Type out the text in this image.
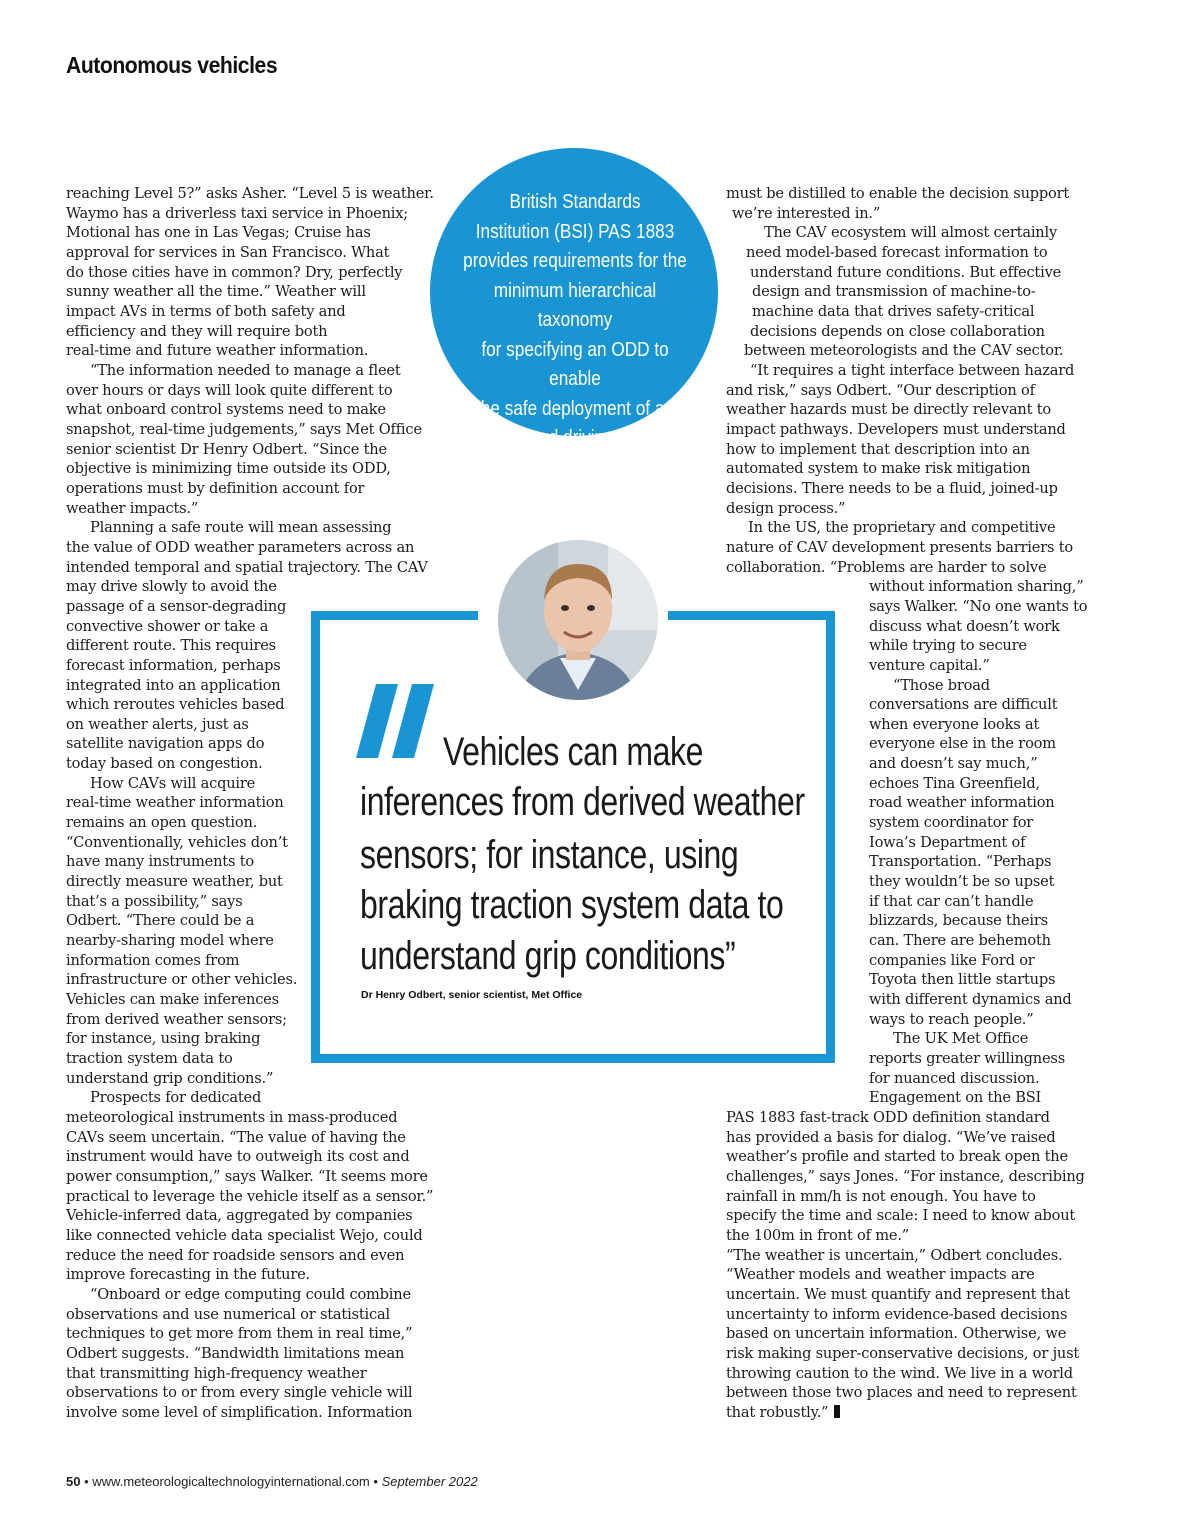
Autonomous vehicles
British Standards
Institution (BSI) PAS 1883
provides requirements for the
minimum hierarchical taxonomy
for specifying an ODD to enable
the safe deployment of an
automated driving system
Vehicles can make
inferences from derived weather
sensors; for instance, using
braking traction system data to
understand grip conditions”
Dr Henry Odbert, senior scientist, Met Office
reaching Level 5?” asks Asher. “Level 5 is weather.
Waymo has a driverless taxi service in Phoenix;
Motional has one in Las Vegas; Cruise has
approval for services in San Francisco. What
do those cities have in common? Dry, perfectly
sunny weather all the time.” Weather will
impact AVs in terms of both safety and
efficiency and they will require both
real-time and future weather information.
“The information needed to manage a fleet
over hours or days will look quite different to
what onboard control systems need to make
snapshot, real-time judgements,” says Met Office
senior scientist Dr Henry Odbert. “Since the
objective is minimizing time outside its ODD,
operations must by definition account for
weather impacts.”
Planning a safe route will mean assessing
the value of ODD weather parameters across an
intended temporal and spatial trajectory. The CAV
may drive slowly to avoid the
passage of a sensor-degrading
convective shower or take a
different route. This requires
forecast information, perhaps
integrated into an application
which reroutes vehicles based
on weather alerts, just as
satellite navigation apps do
today based on congestion.
How CAVs will acquire
real-time weather information
remains an open question.
“Conventionally, vehicles don’t
have many instruments to
directly measure weather, but
that’s a possibility,” says
Odbert. “There could be a
nearby-sharing model where
information comes from
infrastructure or other vehicles.
Vehicles can make inferences
from derived weather sensors;
for instance, using braking
traction system data to
understand grip conditions.”
Prospects for dedicated
meteorological instruments in mass-produced
CAVs seem uncertain. “The value of having the
instrument would have to outweigh its cost and
power consumption,” says Walker. “It seems more
practical to leverage the vehicle itself as a sensor.”
Vehicle-inferred data, aggregated by companies
like connected vehicle data specialist Wejo, could
reduce the need for roadside sensors and even
improve forecasting in the future.
“Onboard or edge computing could combine
observations and use numerical or statistical
techniques to get more from them in real time,”
Odbert suggests. “Bandwidth limitations mean
that transmitting high-frequency weather
observations to or from every single vehicle will
involve some level of simplification. Information
must be distilled to enable the decision support
we’re interested in.”
The CAV ecosystem will almost certainly
need model-based forecast information to
understand future conditions. But effective
design and transmission of machine-to-
machine data that drives safety-critical
decisions depends on close collaboration
between meteorologists and the CAV sector.
“It requires a tight interface between hazard
and risk,” says Odbert. “Our description of
weather hazards must be directly relevant to
impact pathways. Developers must understand
how to implement that description into an
automated system to make risk mitigation
decisions. There needs to be a fluid, joined-up
design process.”
In the US, the proprietary and competitive
nature of CAV development presents barriers to
collaboration. “Problems are harder to solve
without information sharing,”
says Walker. “No one wants to
discuss what doesn’t work
while trying to secure
venture capital.”
“Those broad
conversations are difficult
when everyone looks at
everyone else in the room
and doesn’t say much,”
echoes Tina Greenfield,
road weather information
system coordinator for
Iowa’s Department of
Transportation. “Perhaps
they wouldn’t be so upset
if that car can’t handle
blizzards, because theirs
can. There are behemoth
companies like Ford or
Toyota then little startups
with different dynamics and
ways to reach people.”
The UK Met Office
reports greater willingness
for nuanced discussion.
Engagement on the BSI
PAS 1883 fast-track ODD definition standard
has provided a basis for dialog. “We’ve raised
weather’s profile and started to break open the
challenges,” says Jones. “For instance, describing
rainfall in mm/h is not enough. You have to
specify the time and scale: I need to know about
the 100m in front of me.”
“The weather is uncertain,” Odbert concludes.
“Weather models and weather impacts are
uncertain. We must quantify and represent that
uncertainty to inform evidence-based decisions
based on uncertain information. Otherwise, we
risk making super-conservative decisions, or just
throwing caution to the wind. We live in a world
between those two places and need to represent
that robustly.”
50 • www.meteorologicaltechnologyinternational.com • September 2022
